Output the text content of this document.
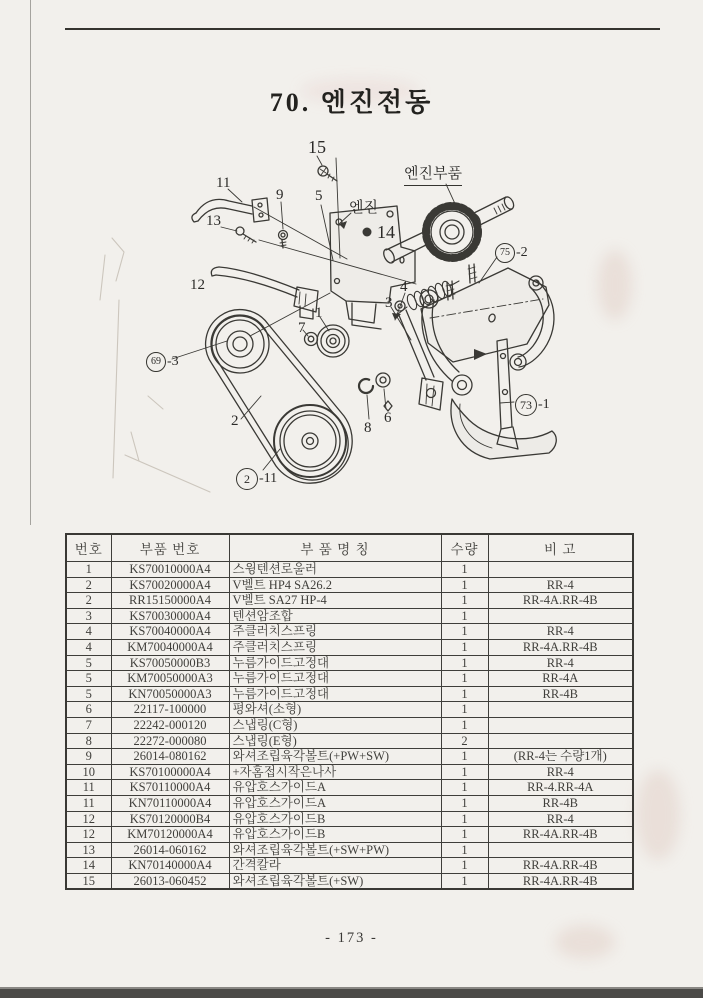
70. 엔진전동
15
11
13
9 5
14
12
1
7
3
4
2	8
6
엔진
엔진부품
75 -2
69 -3
2 -11
73 -1
번호	부품 번호	부 품 명 칭	수량	비 고
1	KS70010000A4	스윙텐션로울러	1	
2	KS70020000A4	V벨트 HP4 SA26.2	1	RR-4
2	RR15150000A4	V벨트 SA27 HP-4	1	RR-4A.RR-4B
3	KS70030000A4	텐션암조합	1	
4	KS70040000A4	주클러치스프링	1	RR-4
4	KM70040000A4	주클러치스프링	1	RR-4A.RR-4B
5	KS70050000B3	누름가이드고정대	1	RR-4
5	KM70050000A3	누름가이드고정대	1	RR-4A
5	KN70050000A3	누름가이드고정대	1	RR-4B
6	22117-100000	평와셔(소형)	1	
7	22242-000120	스냅링(C형)	1	
8	22272-000080	스냅링(E형)	2	
9	26014-080162	와셔조립육각볼트(+PW+SW)	1	(RR-4는 수량1개)
10	KS70100000A4	+자홈접시작은나사	1	RR-4
11	KS70110000A4	유압호스가이드A	1	RR-4.RR-4A
11	KN70110000A4	유압호스가이드A	1	RR-4B
12	KS70120000B4	유압호스가이드B	1	RR-4
12	KM70120000A4	유압호스가이드B	1	RR-4A.RR-4B
13	26014-060162	와셔조립육각볼트(+SW+PW)	1	
14	KN70140000A4	간격칼라	1	RR-4A.RR-4B
15	26013-060452	와셔조립육각볼트(+SW)	1	RR-4A.RR-4B
- 173 -
